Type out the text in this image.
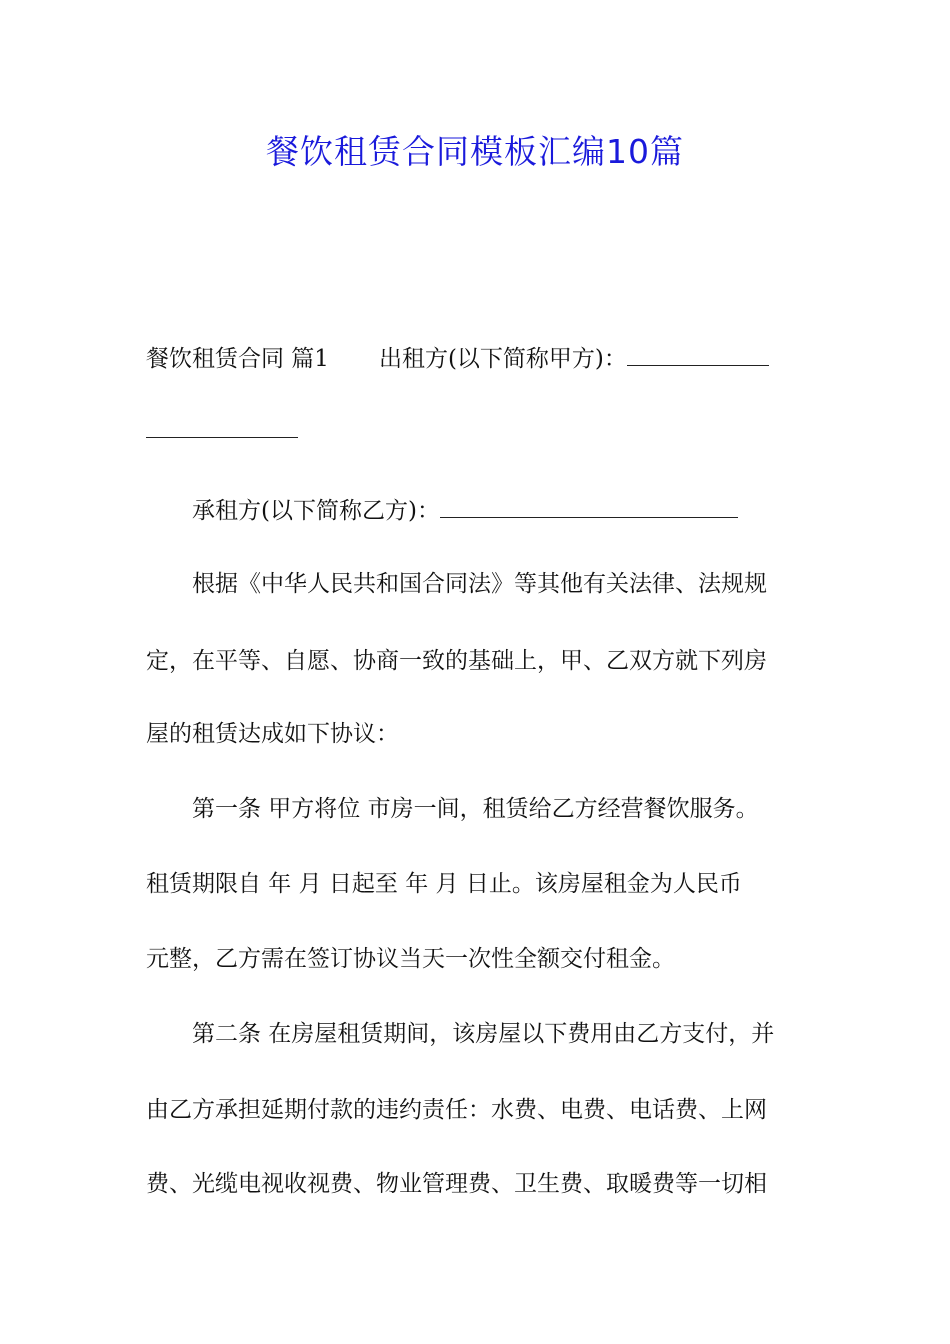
餐饮租赁合同模板汇编10篇
餐饮租赁合同 篇1 出租方(以下简称甲方)：
承租方(以下简称乙方)：
根据《中华人民共和国合同法》等其他有关法律、法规规
定，在平等、自愿、协商一致的基础上，甲、乙双方就下列房
屋的租赁达成如下协议：
第一条 甲方将位 市房一间，租赁给乙方经营餐饮服务。
租赁期限自 年 月 日起至 年 月 日止。该房屋租金为人民币
元整，乙方需在签订协议当天一次性全额交付租金。
第二条 在房屋租赁期间，该房屋以下费用由乙方支付，并
由乙方承担延期付款的违约责任：水费、电费、电话费、上网
费、光缆电视收视费、物业管理费、卫生费、取暖费等一切相
